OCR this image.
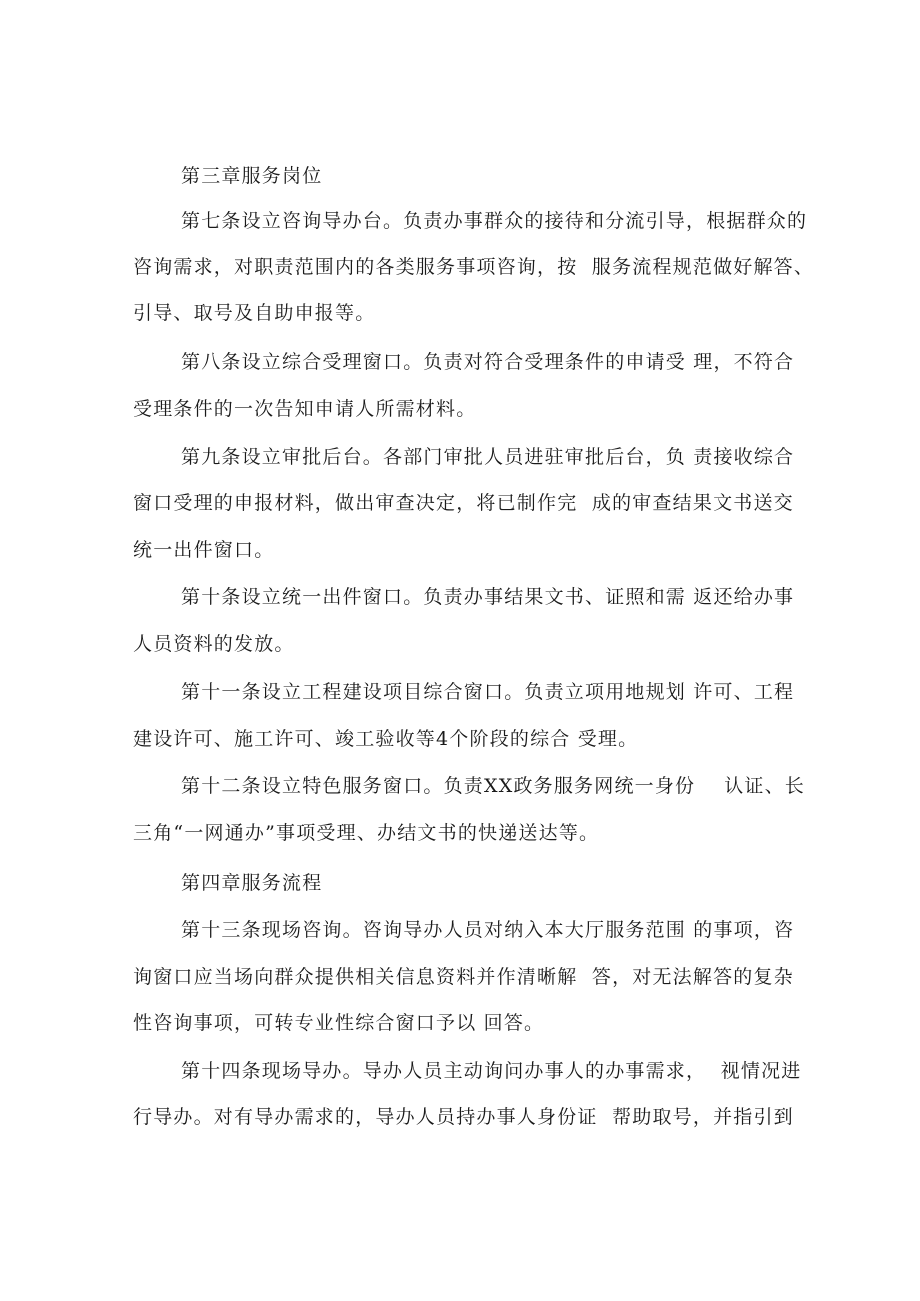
第三章服务岗位
第七条设立咨询导办台。负责办事群众的接待和分流引导，根据群众的
咨询需求，对职责范围内的各类服务事项咨询，按  服务流程规范做好解答、
引导、取号及自助申报等。
第八条设立综合受理窗口。负责对符合受理条件的申请受 理，不符合
受理条件的一次告知申请人所需材料。
第九条设立审批后台。各部门审批人员进驻审批后台，负 责接收综合
窗口受理的申报材料，做出审查决定，将已制作完  成的审查结果文书送交
统一出件窗口。
第十条设立统一出件窗口。负责办事结果文书、证照和需 返还给办事
人员资料的发放。
第十一条设立工程建设项目综合窗口。负责立项用地规划 许可、工程
建设许可、施工许可、竣工验收等4个阶段的综合 受理。
第十二条设立特色服务窗口。负责XX政务服务网统一身份    认证、长
三角“一网通办”事项受理、办结文书的快递送达等。
第四章服务流程
第十三条现场咨询。咨询导办人员对纳入本大厅服务范围 的事项，咨
询窗口应当场向群众提供相关信息资料并作清晰解  答，对无法解答的复杂
性咨询事项，可转专业性综合窗口予以 回答。
第十四条现场导办。导办人员主动询问办事人的办事需求，  视情况进
行导办。对有导办需求的，导办人员持办事人身份证  帮助取号，并指引到
